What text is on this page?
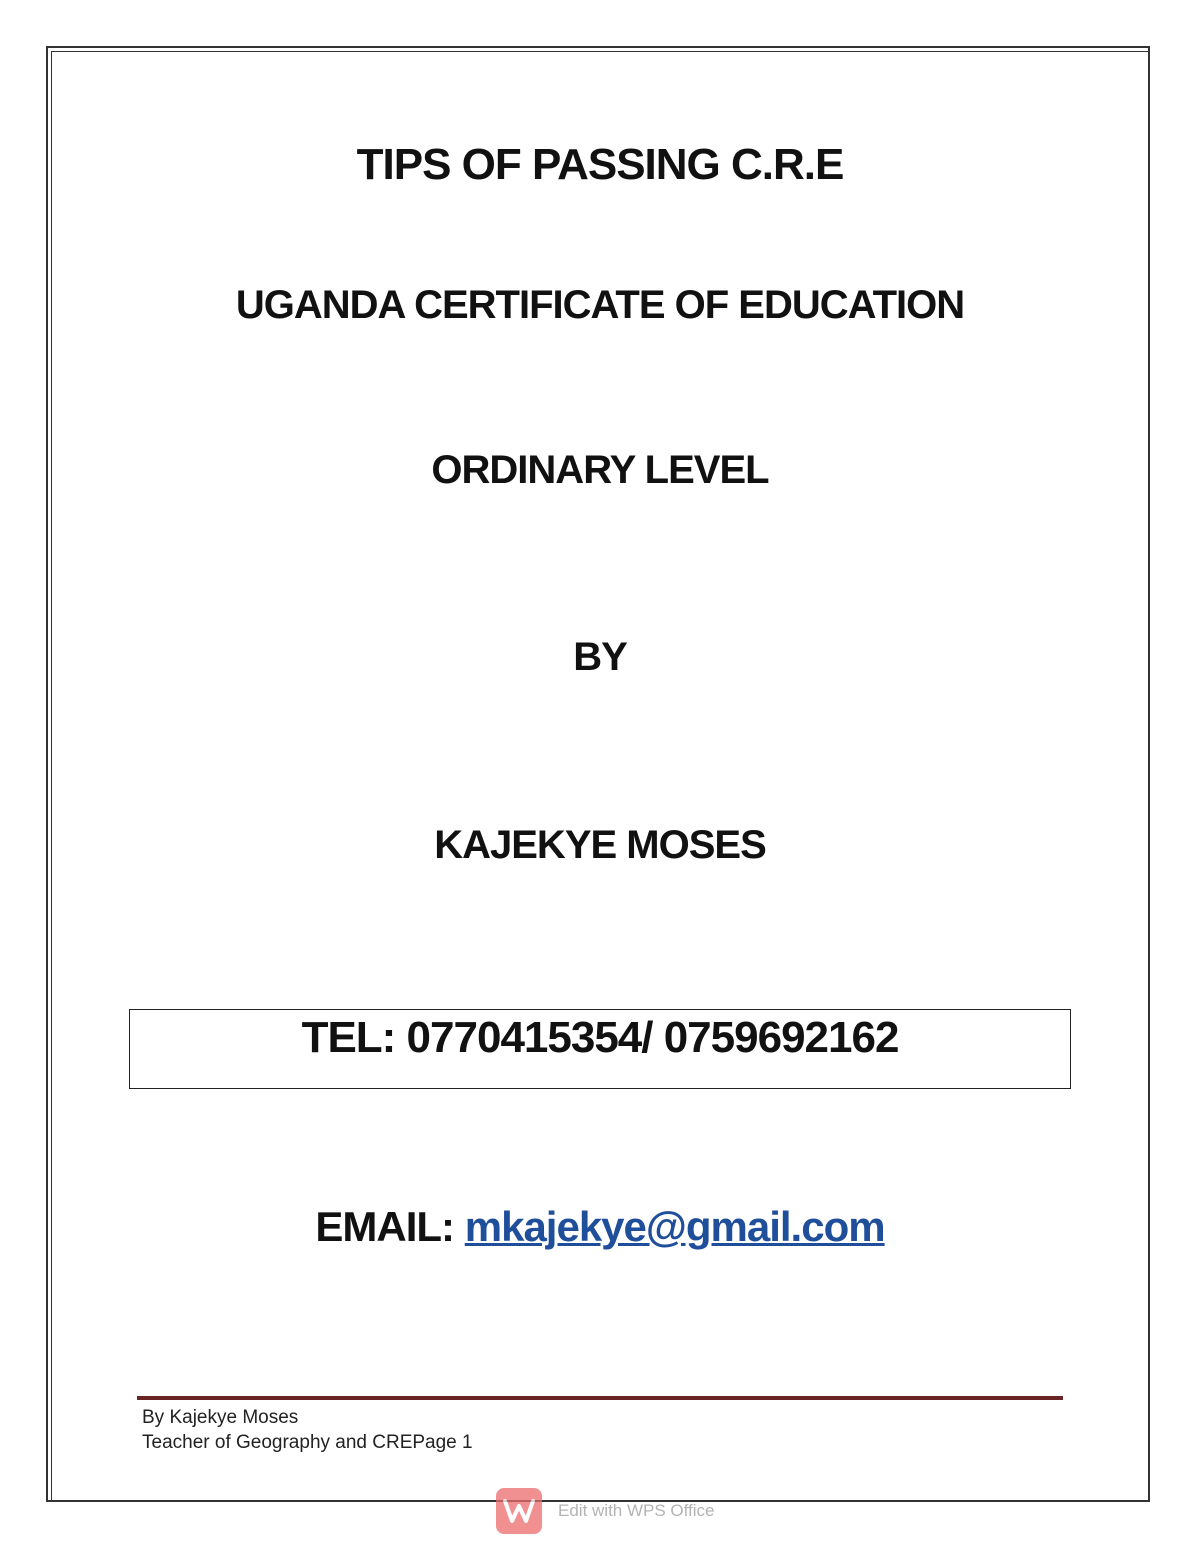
TIPS OF PASSING C.R.E
UGANDA CERTIFICATE OF EDUCATION
ORDINARY LEVEL
BY
KAJEKYE MOSES
TEL: 0770415354/ 0759692162
EMAIL: mkajekye@gmail.com
By Kajekye Moses
Teacher of Geography and CREPage 1
Edit with WPS Office
